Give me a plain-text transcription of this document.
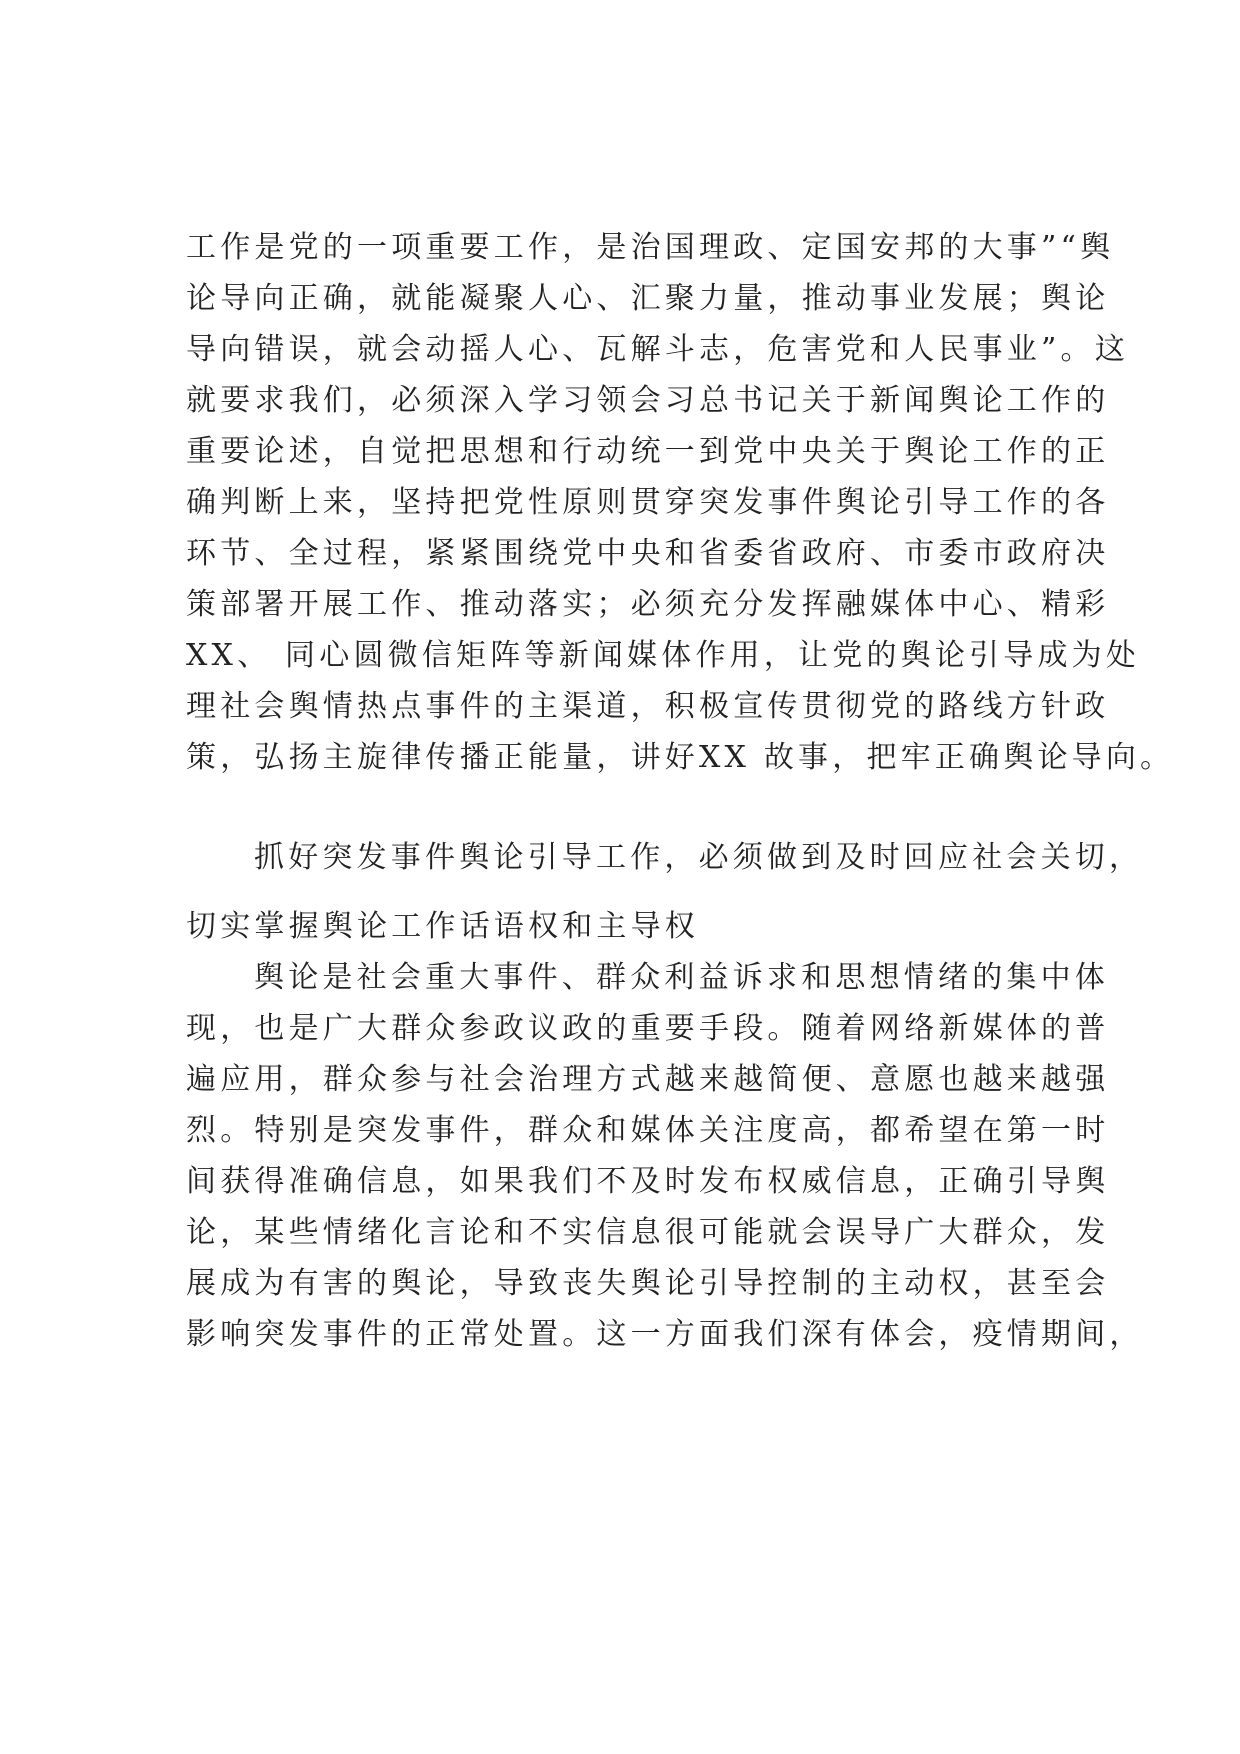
工作是党的一项重要工作，是治国理政、定国安邦的大事”“舆
论导向正确，就能凝聚人心、汇聚力量，推动事业发展；舆论
导向错误，就会动摇人心、瓦解斗志，危害党和人民事业”。这
就要求我们，必须深入学习领会习总书记关于新闻舆论工作的
重要论述，自觉把思想和行动统一到党中央关于舆论工作的正
确判断上来，坚持把党性原则贯穿突发事件舆论引导工作的各
环节、全过程，紧紧围绕党中央和省委省政府、市委市政府决
策部署开展工作、推动落实；必须充分发挥融媒体中心、精彩
XX、 同心圆微信矩阵等新闻媒体作用，让党的舆论引导成为处
理社会舆情热点事件的主渠道，积极宣传贯彻党的路线方针政
策，弘扬主旋律传播正能量，讲好XX 故事，把牢正确舆论导向。
抓好突发事件舆论引导工作，必须做到及时回应社会关切，
切实掌握舆论工作话语权和主导权
舆论是社会重大事件、群众利益诉求和思想情绪的集中体
现，也是广大群众参政议政的重要手段。随着网络新媒体的普
遍应用，群众参与社会治理方式越来越简便、意愿也越来越强
烈。特别是突发事件，群众和媒体关注度高，都希望在第一时
间获得准确信息，如果我们不及时发布权威信息，正确引导舆
论，某些情绪化言论和不实信息很可能就会误导广大群众，发
展成为有害的舆论，导致丧失舆论引导控制的主动权，甚至会
影响突发事件的正常处置。这一方面我们深有体会，疫情期间，
